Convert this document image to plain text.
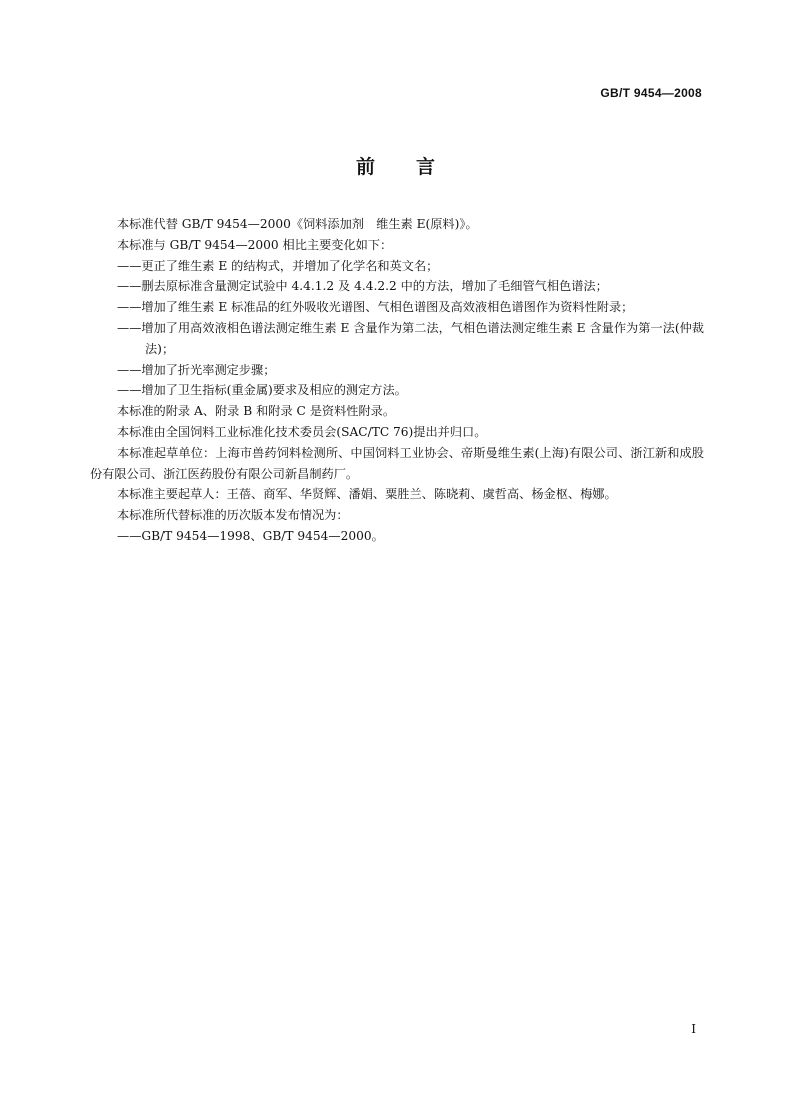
GB/T 9454—2008
前 言

本标准代替 GB/T 9454—2000《饲料添加剂　维生素 E(原料)》。

本标准与 GB/T 9454—2000 相比主要变化如下：

——更正了维生素 E 的结构式，并增加了化学名和英文名；

——删去原标准含量测定试验中 4.4.1.2 及 4.4.2.2 中的方法，增加了毛细管气相色谱法；

——增加了维生素 E 标准品的红外吸收光谱图、气相色谱图及高效液相色谱图作为资料性附录；

——增加了用高效液相色谱法测定维生素 E 含量作为第二法，气相色谱法测定维生素 E 含量作为第一法(仲裁法)；

——增加了折光率测定步骤；

——增加了卫生指标(重金属)要求及相应的测定方法。

本标准的附录 A、附录 B 和附录 C 是资料性附录。

本标准由全国饲料工业标准化技术委员会(SAC/TC 76)提出并归口。

本标准起草单位：上海市兽药饲料检测所、中国饲料工业协会、帝斯曼维生素(上海)有限公司、浙江新和成股份有限公司、浙江医药股份有限公司新昌制药厂。

本标准主要起草人：王蓓、商军、华贤辉、潘娟、粟胜兰、陈晓莉、虞哲高、杨金枢、梅娜。

本标准所代替标准的历次版本发布情况为：

——GB/T 9454—1998、GB/T 9454—2000。

I
